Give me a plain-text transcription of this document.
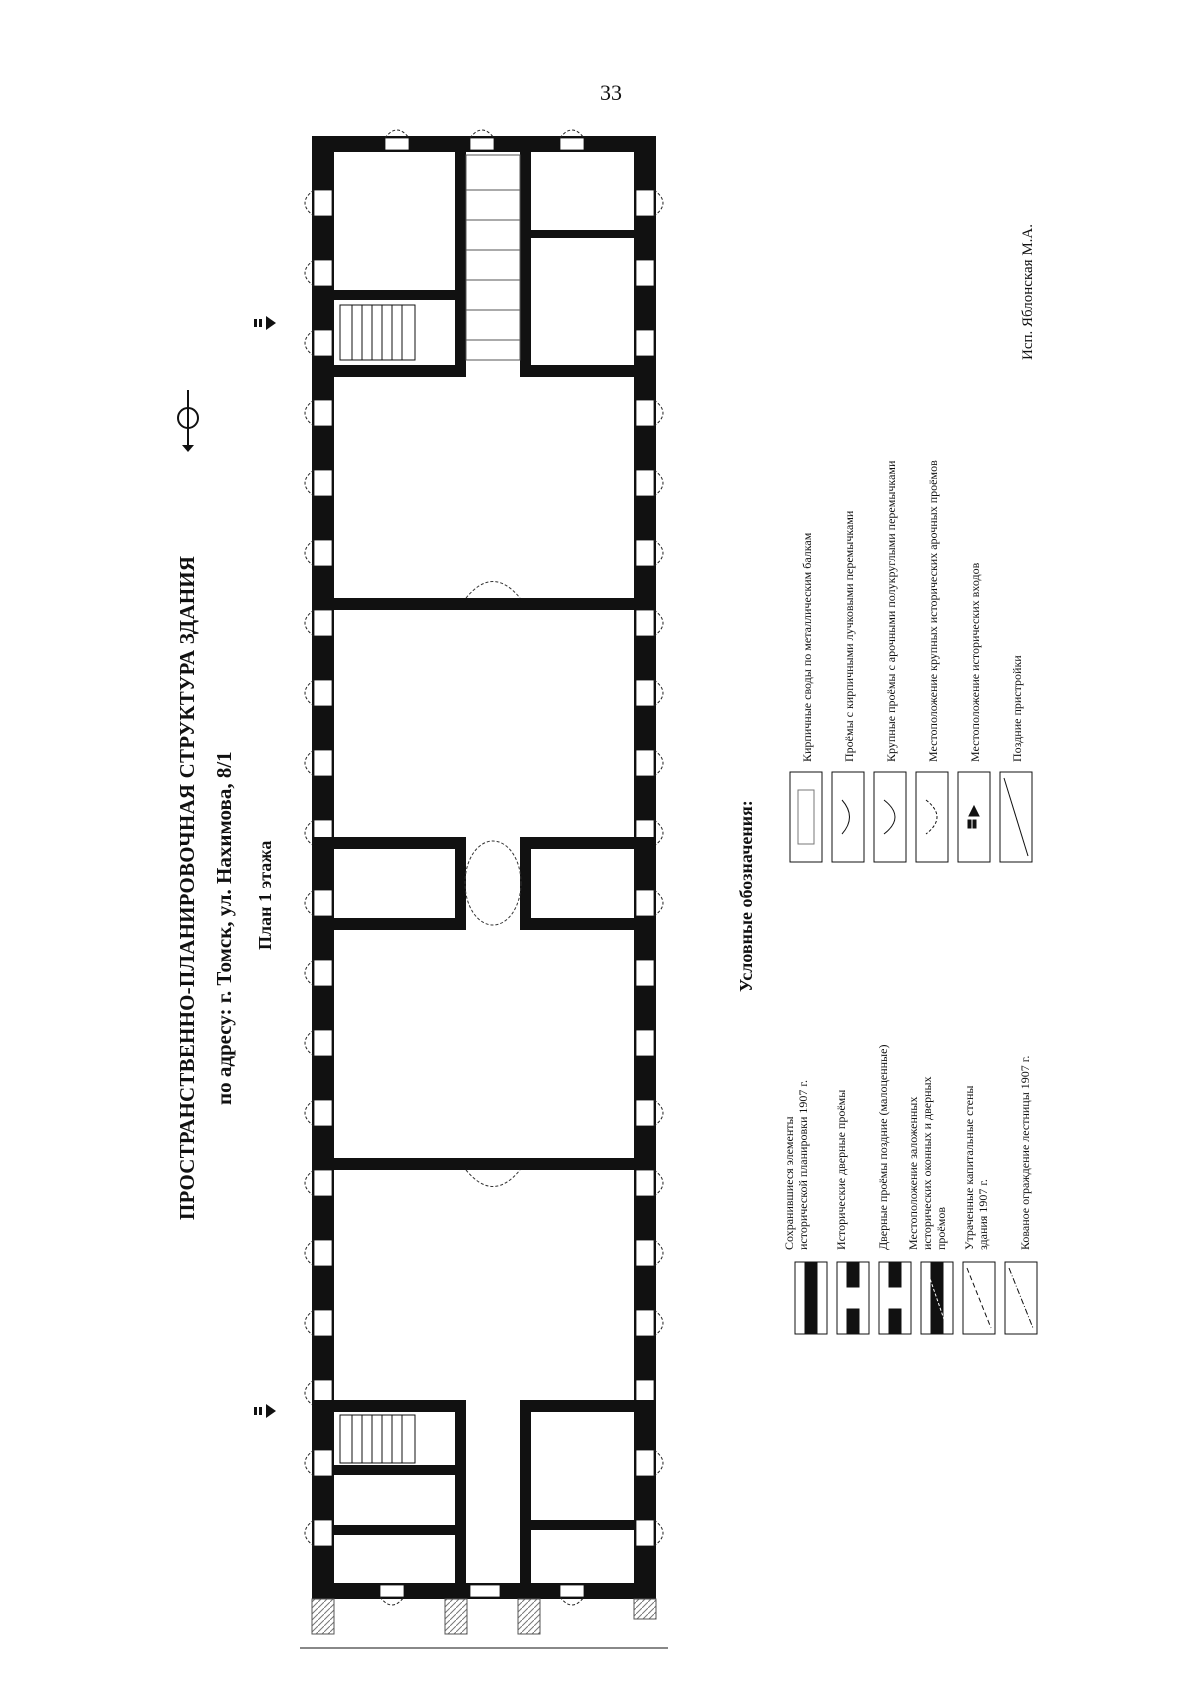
33
ПРОСТРАНСТВЕННО-ПЛАНИРОВОЧНАЯ СТРУКТУРА ЗДАНИЯ по адресу: г. Томск, ул. Нахимова, 8/1 План 1 этажа	Условные обозначения:
Исп. Яблонская М.А.
Сохранившиеся элементы исторической планировки 1907 г. Исторические дверные проёмы Дверные проёмы поздние (малоценные) Местоположение заложенных исторических оконных и дверных проёмов Утраченные капитальные стены здания 1907 г. Кованое ограждение лестницы 1907 г.
Кирпичные своды по металлическим балкам Проёмы с кирпичными лучковыми перемычками Крупные проёмы с арочными полукруглыми перемычками Местоположение крупных исторических арочных проёмов Местоположение исторических входов Поздние пристройки
